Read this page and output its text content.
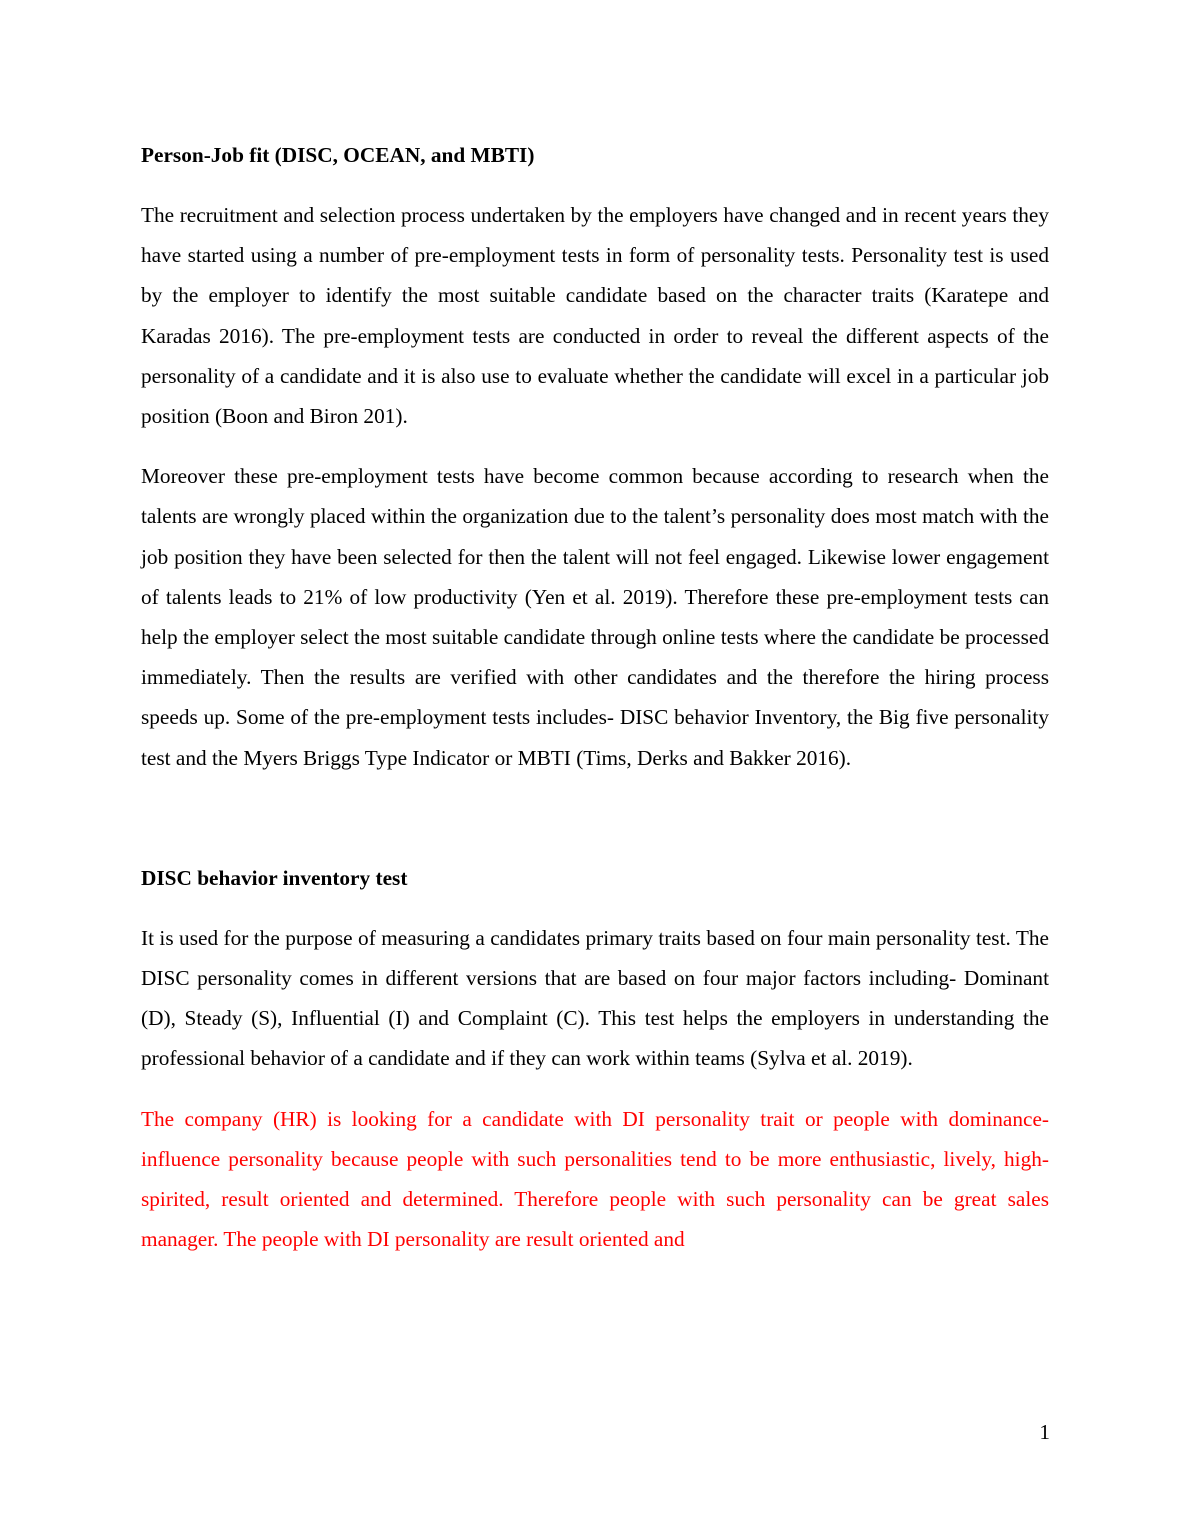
Person-Job fit (DISC, OCEAN, and MBTI)

The recruitment and selection process undertaken by the employers have changed and in recent years they have started using a number of pre-employment tests in form of personality tests. Personality test is used by the employer to identify the most suitable candidate based on the character traits (Karatepe and Karadas 2016). The pre-employment tests are conducted in order to reveal the different aspects of the personality of a candidate and it is also use to evaluate whether the candidate will excel in a particular job position (Boon and Biron 201).

Moreover these pre-employment tests have become common because according to research when the talents are wrongly placed within the organization due to the talent’s personality does most match with the job position they have been selected for then the talent will not feel engaged. Likewise lower engagement of talents leads to 21% of low productivity (Yen et al. 2019). Therefore these pre-employment tests can help the employer select the most suitable candidate through online tests where the candidate be processed immediately. Then the results are verified with other candidates and the therefore the hiring process speeds up. Some of the pre-employment tests includes- DISC behavior Inventory, the Big five personality test and the Myers Briggs Type Indicator or MBTI (Tims, Derks and Bakker 2016).

DISC behavior inventory test

It is used for the purpose of measuring a candidates primary traits based on four main personality test. The DISC personality comes in different versions that are based on four major factors including- Dominant (D), Steady (S), Influential (I) and Complaint (C). This test helps the employers in understanding the professional behavior of a candidate and if they can work within teams (Sylva et al. 2019).

The company (HR) is looking for a candidate with DI personality trait or people with dominance-influence personality because people with such personalities tend to be more enthusiastic, lively, high-spirited, result oriented and determined. Therefore people with such personality can be great sales manager. The people with DI personality are result oriented and

1
